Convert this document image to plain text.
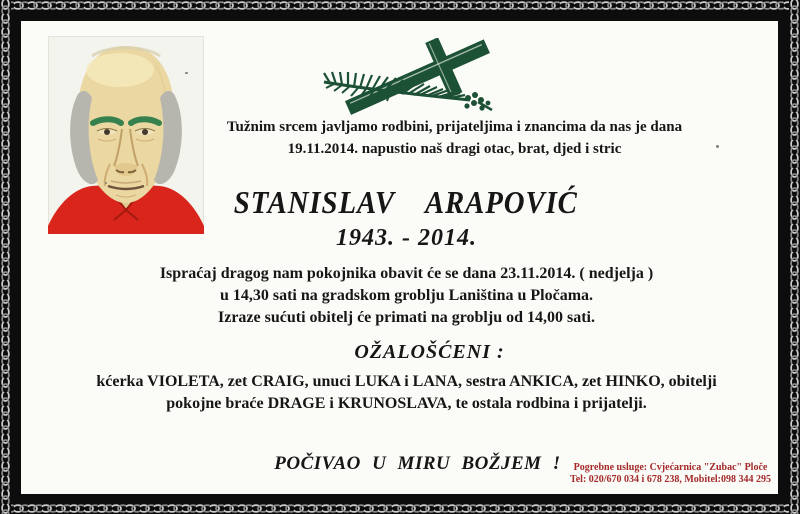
Tužnim srcem javljamo rodbini, prijateljima i znancima da nas je dana
19.11.2014. napustio naš dragi otac, brat, djed i stric
STANISLAV ARAPOVIĆ
1943. - 2014.
Ispraćaj dragog nam pokojnika obavit će se dana 23.11.2014. ( nedjelja )
u 14,30 sati na gradskom groblju Laniština u Pločama.
Izraze sućuti obitelj će primati na groblju od 14,00 sati.
OŽALOŠĆENI :
kćerka VIOLETA, zet CRAIG, unuci LUKA i LANA, sestra ANKICA, zet HINKO, obitelji
pokojne braće DRAGE i KRUNOSLAVA, te ostala rodbina i prijatelji.
POČIVAO U MIRU BOŽJEM !	Pogrebne usluge: Cvjećarnica "Zubac" Ploče
Tel: 020/670 034 i 678 238, Mobitel:098 344 295
